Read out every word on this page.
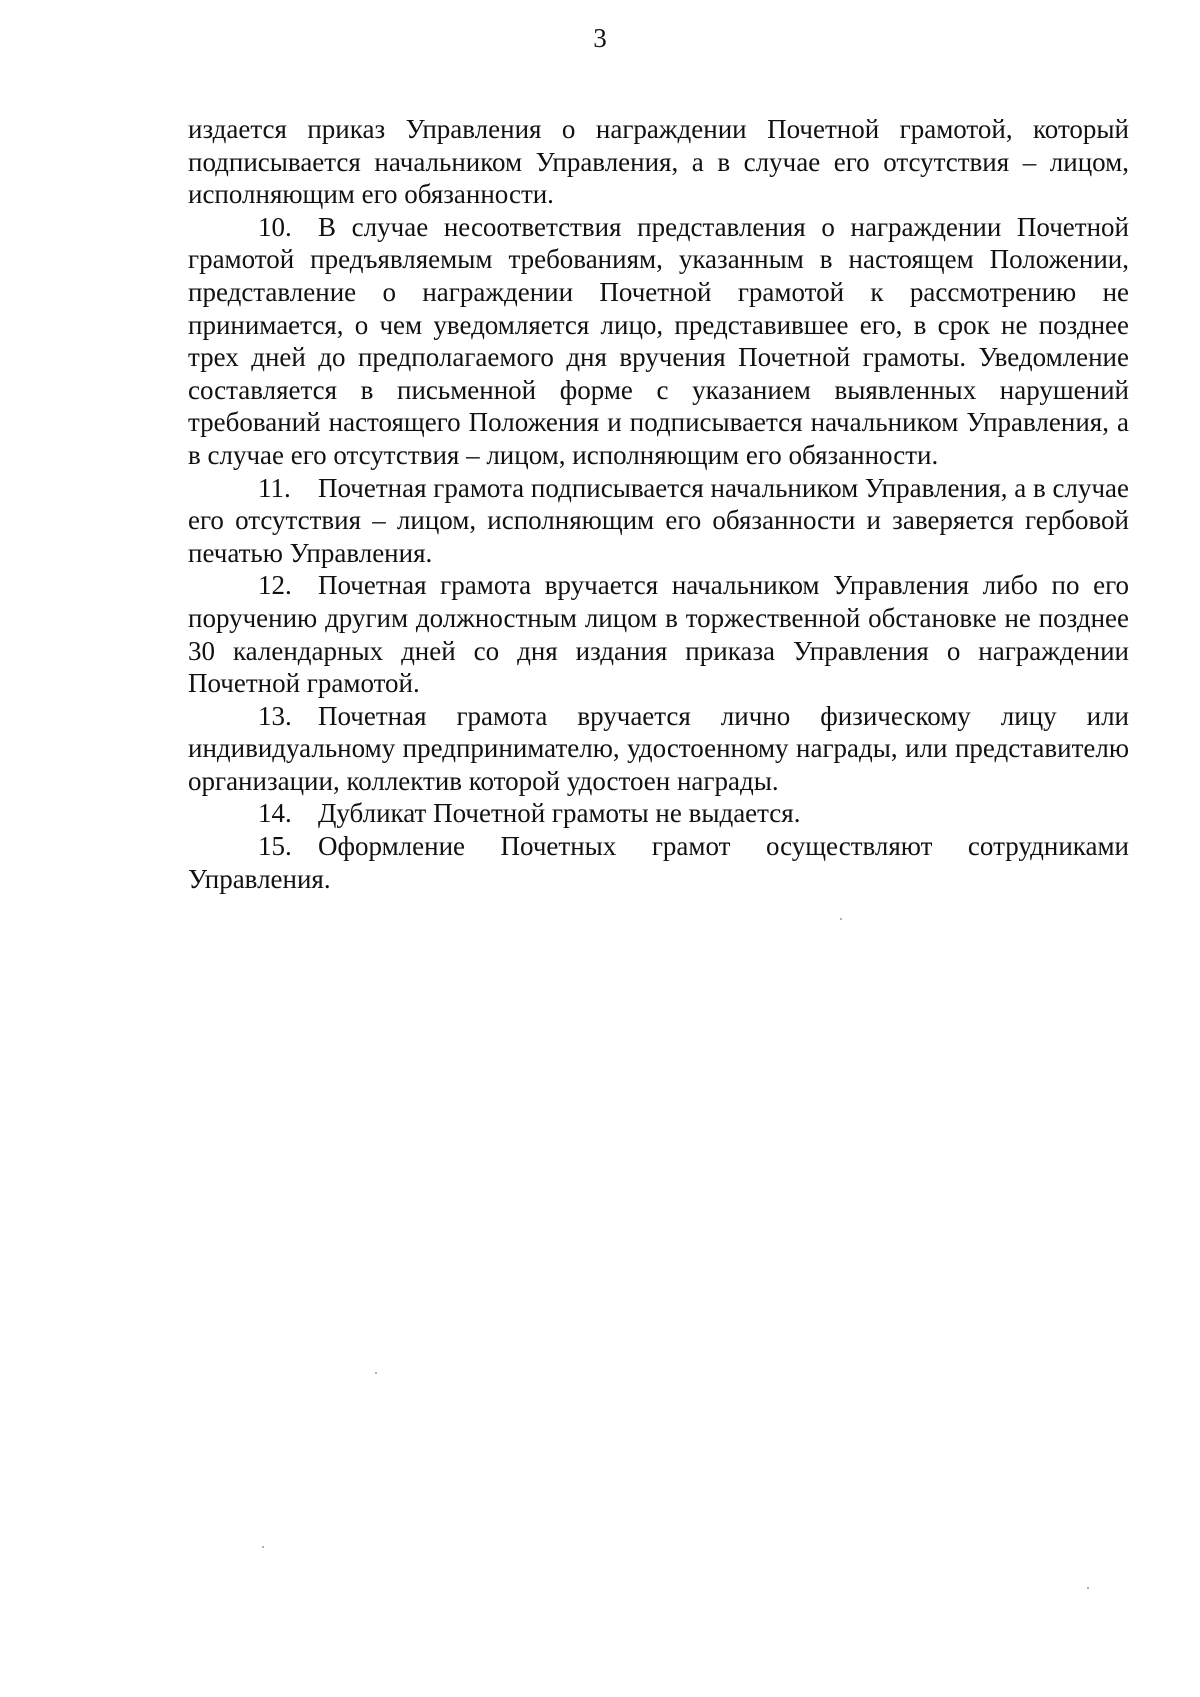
3

издается приказ Управления о награждении Почетной грамотой, который подписывается начальником Управления, а в случае его отсутствия – лицом, исполняющим его обязанности.

10. В случае несоответствия представления о награждении Почетной грамотой предъявляемым требованиям, указанным в настоящем Положении, представление о награждении Почетной грамотой к рассмотрению не принимается, о чем уведомляется лицо, представившее его, в срок не позднее трех дней до предполагаемого дня вручения Почетной грамоты. Уведомление составляется в письменной форме с указанием выявленных нарушений требований настоящего Положения и подписывается начальником Управления, а в случае его отсутствия – лицом, исполняющим его обязанности.

11. Почетная грамота подписывается начальником Управления, а в случае его отсутствия – лицом, исполняющим его обязанности и заверяется гербовой печатью Управления.

12. Почетная грамота вручается начальником Управления либо по его поручению другим должностным лицом в торжественной обстановке не позднее 30 календарных дней со дня издания приказа Управления о награждении Почетной грамотой.

13. Почетная грамота вручается лично физическому лицу или индивидуальному предпринимателю, удостоенному награды, или представителю организации, коллектив которой удостоен награды.

14. Дубликат Почетной грамоты не выдается.

15. Оформление Почетных грамот осуществляют сотрудниками Управления.
